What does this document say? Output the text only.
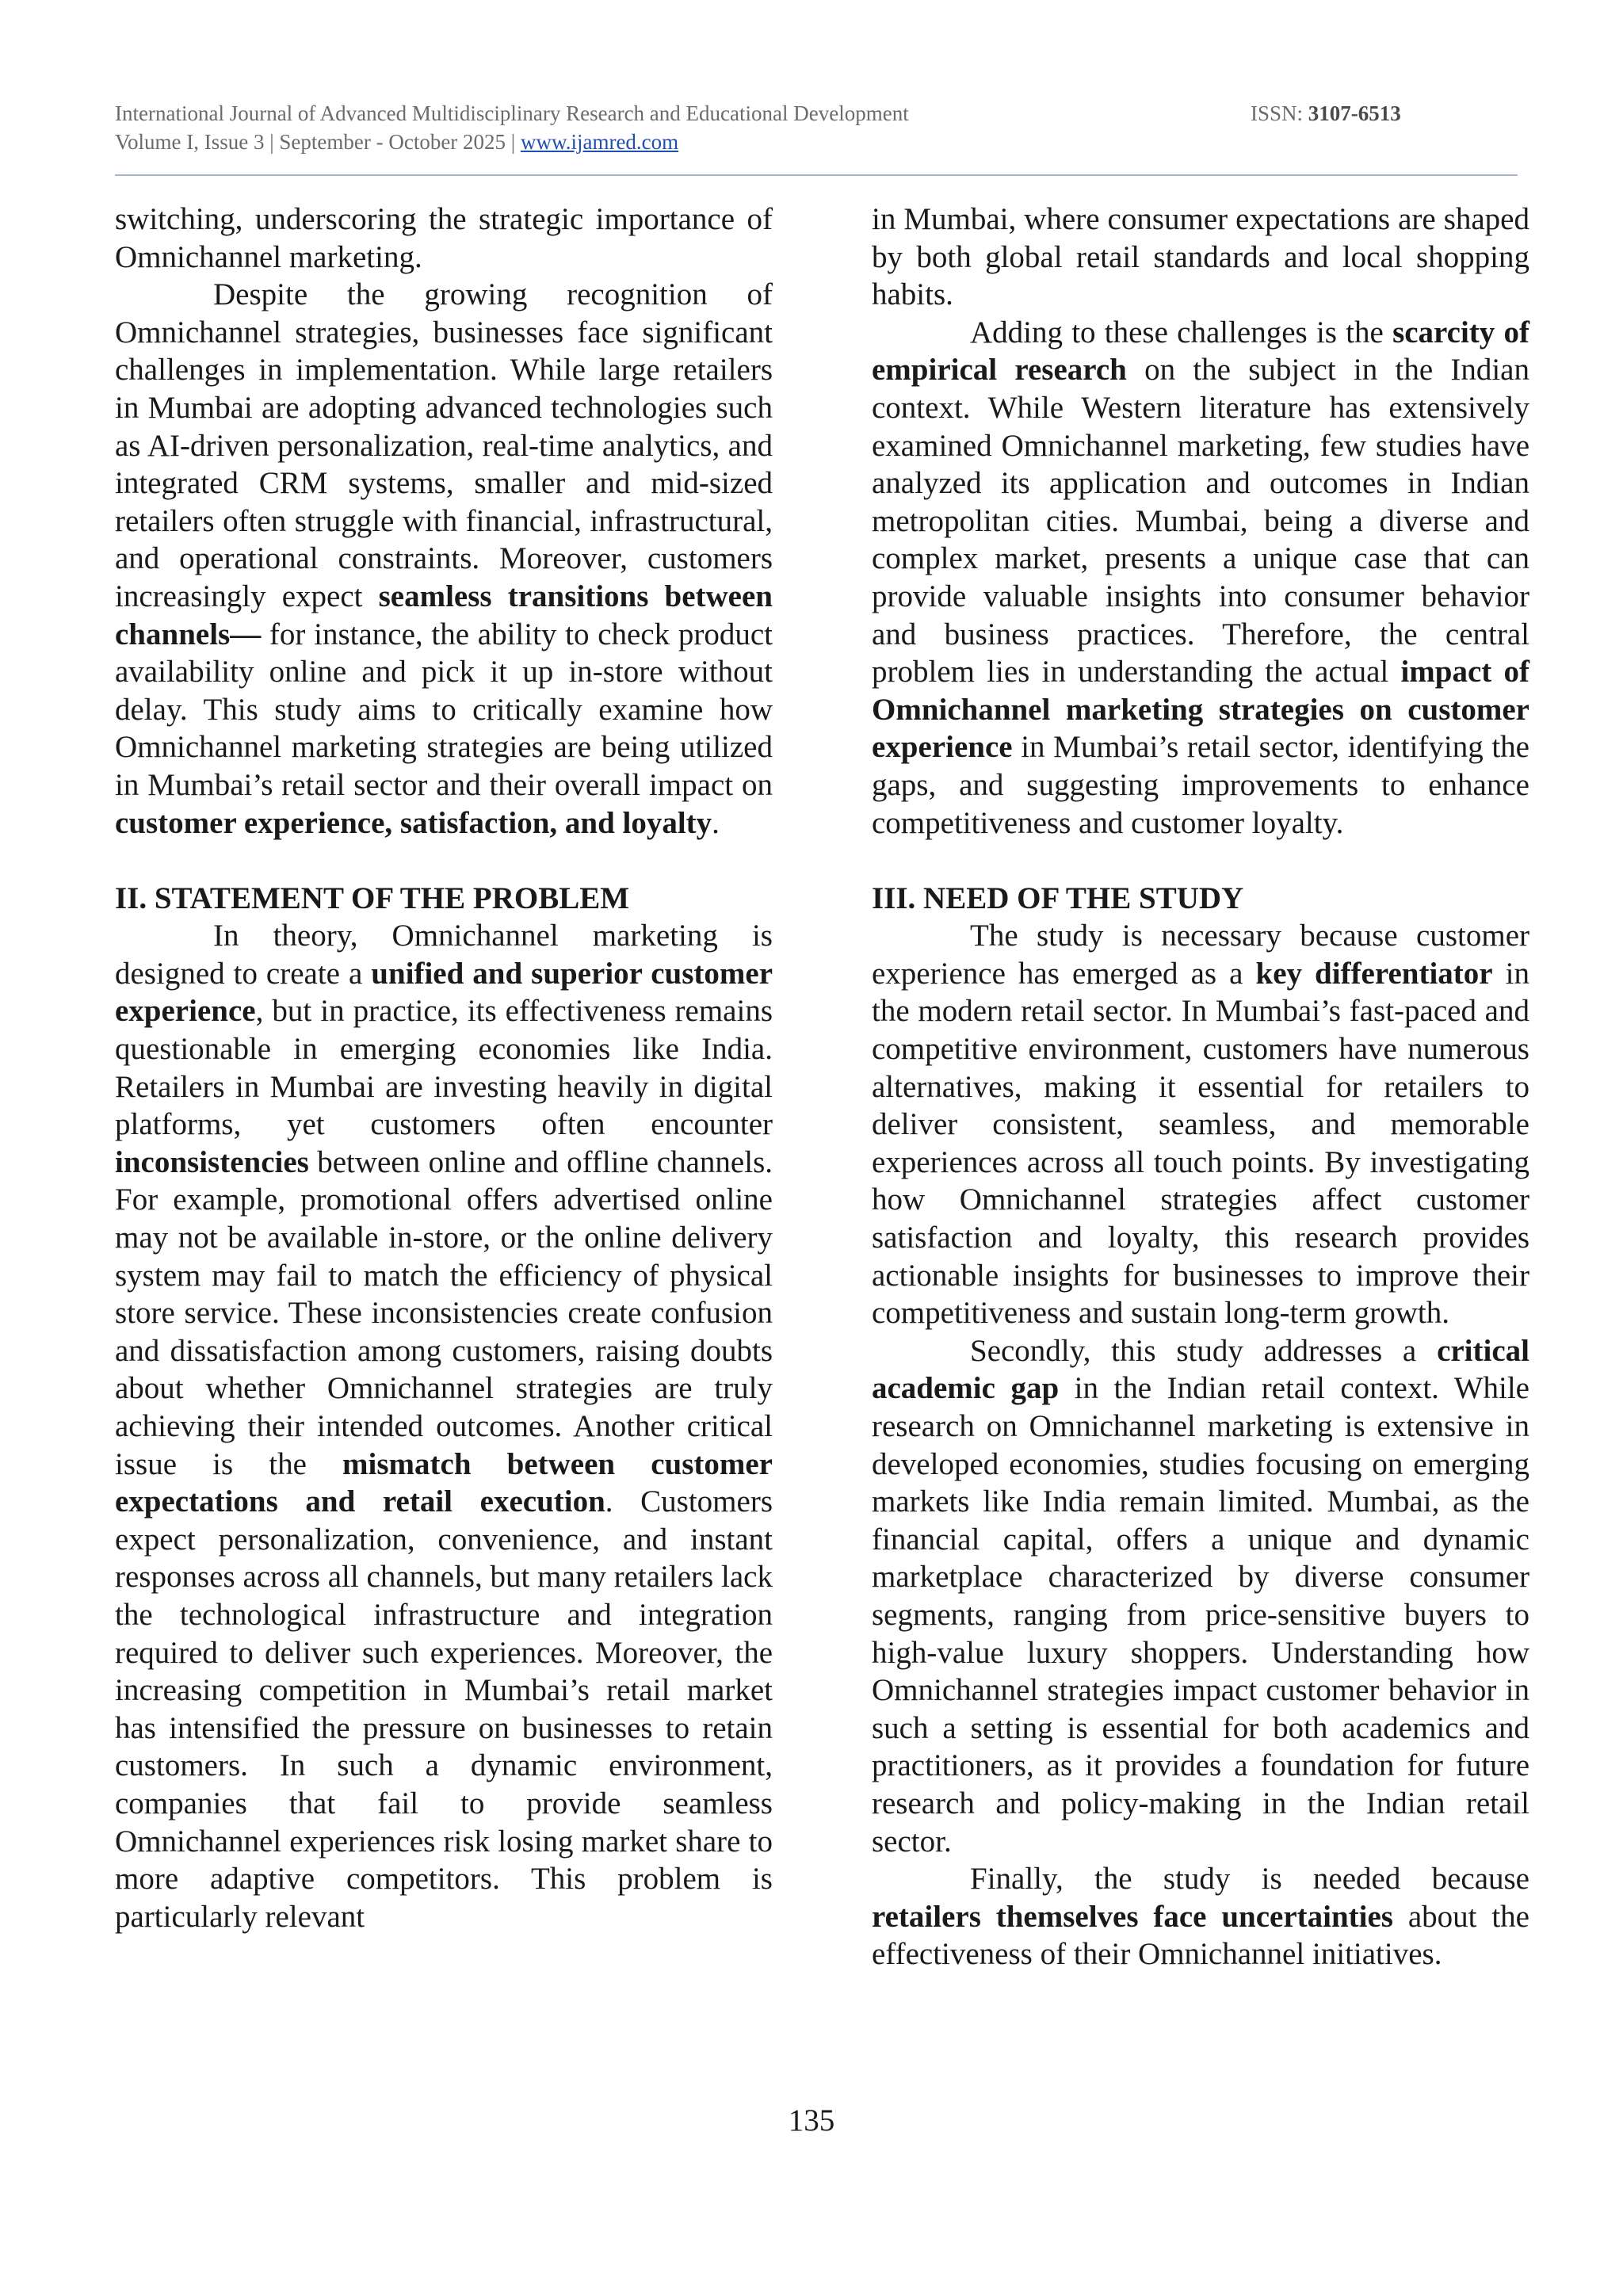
International Journal of Advanced Multidisciplinary Research and Educational Development	ISSN: 3107-6513
Volume I, Issue 3 | September - October 2025 | www.ijamred.com

switching, underscoring the strategic importance of Omnichannel marketing.

Despite the growing recognition of Omnichannel strategies, businesses face significant challenges in implementation. While large retailers in Mumbai are adopting advanced technologies such as AI-driven personalization, real-time analytics, and integrated CRM systems, smaller and mid-sized retailers often struggle with financial, infrastructural, and operational constraints. Moreover, customers increasingly expect seamless transitions between channels— for instance, the ability to check product availability online and pick it up in-store without delay. This study aims to critically examine how Omnichannel marketing strategies are being utilized in Mumbai’s retail sector and their overall impact on customer experience, satisfaction, and loyalty.

II. STATEMENT OF THE PROBLEM

In theory, Omnichannel marketing is designed to create a unified and superior customer experience, but in practice, its effectiveness remains questionable in emerging economies like India. Retailers in Mumbai are investing heavily in digital platforms, yet customers often encounter inconsistencies between online and offline channels. For example, promotional offers advertised online may not be available in-store, or the online delivery system may fail to match the efficiency of physical store service. These inconsistencies create confusion and dissatisfaction among customers, raising doubts about whether Omnichannel strategies are truly achieving their intended outcomes. Another critical issue is the mismatch between customer expectations and retail execution. Customers expect personalization, convenience, and instant responses across all channels, but many retailers lack the technological infrastructure and integration required to deliver such experiences. Moreover, the increasing competition in Mumbai’s retail market has intensified the pressure on businesses to retain customers. In such a dynamic environment, companies that fail to provide seamless Omnichannel experiences risk losing market share to more adaptive competitors. This problem is particularly relevant

in Mumbai, where consumer expectations are shaped by both global retail standards and local shopping habits.

Adding to these challenges is the scarcity of empirical research on the subject in the Indian context. While Western literature has extensively examined Omnichannel marketing, few studies have analyzed its application and outcomes in Indian metropolitan cities. Mumbai, being a diverse and complex market, presents a unique case that can provide valuable insights into consumer behavior and business practices. Therefore, the central problem lies in understanding the actual impact of Omnichannel marketing strategies on customer experience in Mumbai’s retail sector, identifying the gaps, and suggesting improvements to enhance competitiveness and customer loyalty.

III. NEED OF THE STUDY

The study is necessary because customer experience has emerged as a key differentiator in the modern retail sector. In Mumbai’s fast-paced and competitive environment, customers have numerous alternatives, making it essential for retailers to deliver consistent, seamless, and memorable experiences across all touch points. By investigating how Omnichannel strategies affect customer satisfaction and loyalty, this research provides actionable insights for businesses to improve their competitiveness and sustain long-term growth.

Secondly, this study addresses a critical academic gap in the Indian retail context. While research on Omnichannel marketing is extensive in developed economies, studies focusing on emerging markets like India remain limited. Mumbai, as the financial capital, offers a unique and dynamic marketplace characterized by diverse consumer segments, ranging from price-sensitive buyers to high-value luxury shoppers. Understanding how Omnichannel strategies impact customer behavior in such a setting is essential for both academics and practitioners, as it provides a foundation for future research and policy-making in the Indian retail sector.

Finally, the study is needed because retailers themselves face uncertainties about the effectiveness of their Omnichannel initiatives.

135
